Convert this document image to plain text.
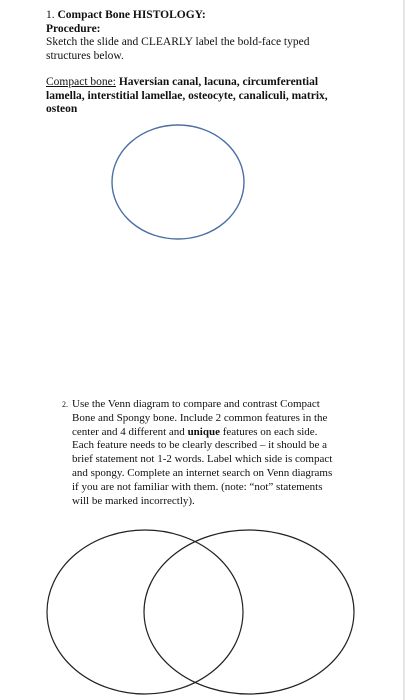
1. Compact Bone HISTOLOGY:
Procedure:
Sketch the slide and CLEARLY label the bold-face typed
structures below.
Compact bone: Haversian canal, lacuna, circumferential
lamella, interstitial lamellae, osteocyte, canaliculi, matrix,
osteon
2. Use the Venn diagram to compare and contrast Compact
Bone and Spongy bone. Include 2 common features in the
center and 4 different and unique features on each side.
Each feature needs to be clearly described – it should be a
brief statement not 1-2 words. Label which side is compact
and spongy. Complete an internet search on Venn diagrams
if you are not familiar with them. (note: “not” statements
will be marked incorrectly).
